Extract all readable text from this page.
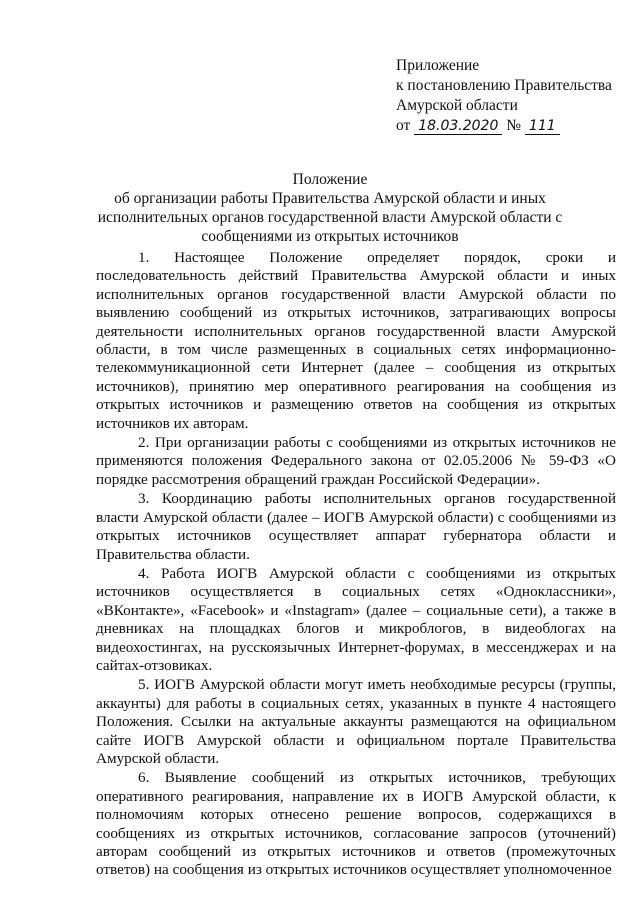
Приложение
к постановлению Правительства
Амурской области
от 18.03.2020 № 111
Положение
об организации работы Правительства Амурской области и иных
исполнительных органов государственной власти Амурской области с
сообщениями из открытых источников

1. Настоящее Положение определяет порядок, сроки и последовательность действий Правительства Амурской области и иных исполнительных органов государственной власти Амурской области по выявлению сообщений из открытых источников, затрагивающих вопросы деятельности исполнительных органов государственной власти Амурской области, в том числе размещенных в социальных сетях информационно-телекоммуникационной сети Интернет (далее – сообщения из открытых источников), принятию мер оперативного реагирования на сообщения из открытых источников и размещению ответов на сообщения из открытых источников их авторам.

2. При организации работы с сообщениями из открытых источников не применяются положения Федерального закона от 02.05.2006 № 59-ФЗ «О порядке рассмотрения обращений граждан Российской Федерации».

3. Координацию работы исполнительных органов государственной власти Амурской области (далее – ИОГВ Амурской области) с сообщениями из открытых источников осуществляет аппарат губернатора области и Правительства области.

4. Работа ИОГВ Амурской области с сообщениями из открытых источников осуществляется в социальных сетях «Одноклассники», «ВКонтакте», «Facebook» и «Instagram» (далее – социальные сети), а также в дневниках на площадках блогов и микроблогов, в видеоблогах на видеохостингах, на русскоязычных Интернет-форумах, в мессенджерах и на сайтах-отзовиках.

5. ИОГВ Амурской области могут иметь необходимые ресурсы (группы, аккаунты) для работы в социальных сетях, указанных в пункте 4 настоящего Положения. Ссылки на актуальные аккаунты размещаются на официальном сайте ИОГВ Амурской области и официальном портале Правительства Амурской области.

6. Выявление сообщений из открытых источников, требующих оперативного реагирования, направление их в ИОГВ Амурской области, к полномочиям которых отнесено решение вопросов, содержащихся в сообщениях из открытых источников, согласование запросов (уточнений) авторам сообщений из открытых источников и ответов (промежуточных ответов) на сообщения из открытых источников осуществляет уполномоченное
